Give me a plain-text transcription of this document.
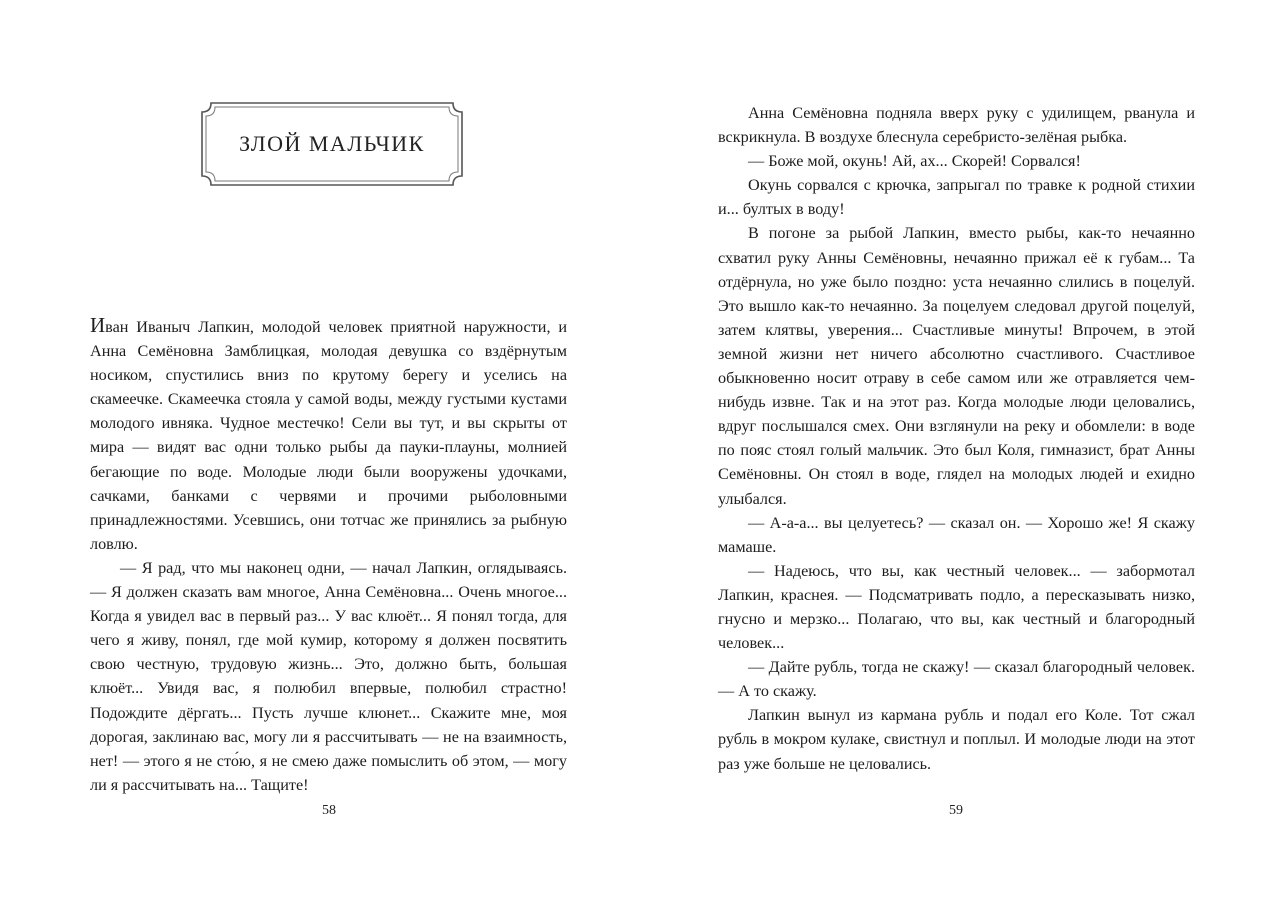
ЗЛОЙ МАЛЬЧИК

Иван Иваныч Лапкин, молодой человек приятной наружности, и Анна Семёновна Замблицкая, молодая девушка со вздёрнутым носиком, спустились вниз по крутому берегу и уселись на скамеечке. Скамеечка стояла у самой воды, между густыми кустами молодого ивняка. Чудное местечко! Сели вы тут, и вы скрыты от мира — видят вас одни только рыбы да пауки-плауны, молнией бегающие по воде. Молодые люди были вооружены удочками, сачками, банками с червями и прочими рыболовными принадлежностями. Усевшись, они тотчас же принялись за рыбную ловлю.

— Я рад, что мы наконец одни, — начал Лапкин, оглядываясь. — Я должен сказать вам многое, Анна Семёновна... Очень многое... Когда я увидел вас в первый раз... У вас клюёт... Я понял тогда, для чего я живу, понял, где мой кумир, которому я должен посвятить свою честную, трудовую жизнь... Это, должно быть, большая клюёт... Увидя вас, я полюбил впервые, полюбил страстно! Подождите дёргать... Пусть лучше клюнет... Скажите мне, моя дорогая, заклинаю вас, могу ли я рассчитывать — не на взаимность, нет! — этого я не сто́ю, я не смею даже помыслить об этом, — могу ли я рассчитывать на... Тащите!

58

Анна Семёновна подняла вверх руку с удилищем, рванула и вскрикнула. В воздухе блеснула серебристо-зелёная рыбка.

— Боже мой, окунь! Ай, ах... Скорей! Сорвался!

Окунь сорвался с крючка, запрыгал по травке к родной стихии и... бултых в воду!

В погоне за рыбой Лапкин, вместо рыбы, как-то нечаянно схватил руку Анны Семёновны, нечаянно прижал её к губам... Та отдёрнула, но уже было поздно: уста нечаянно слились в поцелуй. Это вышло как-то нечаянно. За поцелуем следовал другой поцелуй, затем клятвы, уверения... Счастливые минуты! Впрочем, в этой земной жизни нет ничего абсолютно счастливого. Счастливое обыкновенно носит отраву в себе самом или же отравляется чем-нибудь извне. Так и на этот раз. Когда молодые люди целовались, вдруг послышался смех. Они взглянули на реку и обомлели: в воде по пояс стоял голый мальчик. Это был Коля, гимназист, брат Анны Семёновны. Он стоял в воде, глядел на молодых людей и ехидно улыбался.

— А-а-а... вы целуетесь? — сказал он. — Хорошо же! Я скажу мамаше.

— Надеюсь, что вы, как честный человек... — забормотал Лапкин, краснея. — Подсматривать подло, а пересказывать низко, гнусно и мерзко... Полагаю, что вы, как честный и благородный человек...

— Дайте рубль, тогда не скажу! — сказал благородный человек. — А то скажу.

Лапкин вынул из кармана рубль и подал его Коле. Тот сжал рубль в мокром кулаке, свистнул и поплыл. И молодые люди на этот раз уже больше не целовались.

59
